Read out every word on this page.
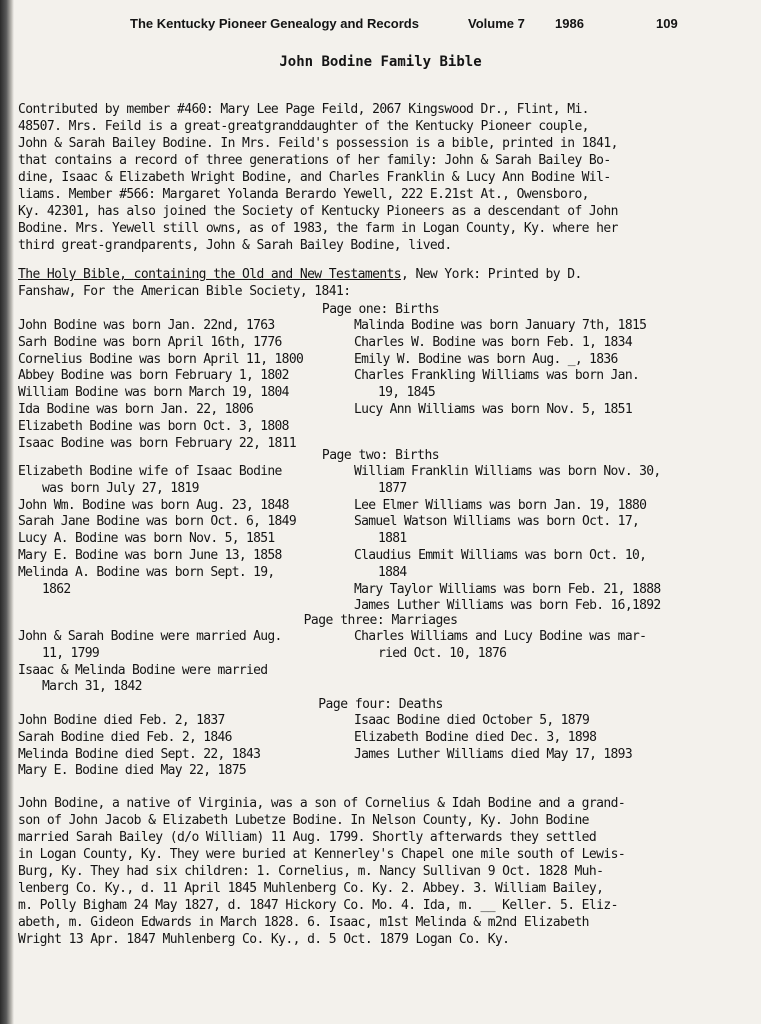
The Kentucky Pioneer Genealogy and Records	Volume 7 1986	109
John Bodine Family Bible

Contributed by member #460: Mary Lee Page Feild, 2067 Kingswood Dr., Flint, Mi.

48507. Mrs. Feild is a great-greatgranddaughter of the Kentucky Pioneer couple,

John & Sarah Bailey Bodine. In Mrs. Feild's possession is a bible, printed in 1841,

that contains a record of three generations of her family: John & Sarah Bailey Bo-

dine, Isaac & Elizabeth Wright Bodine, and Charles Franklin & Lucy Ann Bodine Wil-

liams. Member #566: Margaret Yolanda Berardo Yewell, 222 E.21st At., Owensboro,

Ky. 42301, has also joined the Society of Kentucky Pioneers as a descendant of John

Bodine. Mrs. Yewell still owns, as of 1983, the farm in Logan County, Ky. where her

third great-grandparents, John & Sarah Bailey Bodine, lived.

The Holy Bible, containing the Old and New Testaments, New York: Printed by D.

Fanshaw, For the American Bible Society, 1841:

Page one: Births
John Bodine was born Jan. 22nd, 1763
Sarh Bodine was born April 16th, 1776
Cornelius Bodine was born April 11, 1800
Abbey Bodine was born February 1, 1802
William Bodine was born March 19, 1804
Ida Bodine was born Jan. 22, 1806
Elizabeth Bodine was born Oct. 3, 1808
Isaac Bodine was born February 22, 1811
Malinda Bodine was born January 7th, 1815
Charles W. Bodine was born Feb. 1, 1834
Emily W. Bodine was born Aug. _, 1836
Charles Frankling Williams was born Jan.
19, 1845
Lucy Ann Williams was born Nov. 5, 1851
Page two: Births
Elizabeth Bodine wife of Isaac Bodine
was born July 27, 1819
John Wm. Bodine was born Aug. 23, 1848
Sarah Jane Bodine was born Oct. 6, 1849
Lucy A. Bodine was born Nov. 5, 1851
Mary E. Bodine was born June 13, 1858
Melinda A. Bodine was born Sept. 19,
1862
William Franklin Williams was born Nov. 30,
1877
Lee Elmer Williams was born Jan. 19, 1880
Samuel Watson Williams was born Oct. 17,
1881
Claudius Emmit Williams was born Oct. 10,
1884
Mary Taylor Williams was born Feb. 21, 1888
James Luther Williams was born Feb. 16,1892
Page three: Marriages
John & Sarah Bodine were married Aug.
11, 1799
Isaac & Melinda Bodine were married
March 31, 1842
Charles Williams and Lucy Bodine was mar-
ried Oct. 10, 1876
Page four: Deaths
John Bodine died Feb. 2, 1837
Sarah Bodine died Feb. 2, 1846
Melinda Bodine died Sept. 22, 1843
Mary E. Bodine died May 22, 1875
Isaac Bodine died October 5, 1879
Elizabeth Bodine died Dec. 3, 1898
James Luther Williams died May 17, 1893

John Bodine, a native of Virginia, was a son of Cornelius & Idah Bodine and a grand-

son of John Jacob & Elizabeth Lubetze Bodine. In Nelson County, Ky. John Bodine

married Sarah Bailey (d/o William) 11 Aug. 1799. Shortly afterwards they settled

in Logan County, Ky. They were buried at Kennerley's Chapel one mile south of Lewis-

Burg, Ky. They had six children: 1. Cornelius, m. Nancy Sullivan 9 Oct. 1828 Muh-

lenberg Co. Ky., d. 11 April 1845 Muhlenberg Co. Ky. 2. Abbey. 3. William Bailey,

m. Polly Bigham 24 May 1827, d. 1847 Hickory Co. Mo. 4. Ida, m. __ Keller. 5. Eliz-

abeth, m. Gideon Edwards in March 1828. 6. Isaac, m1st Melinda & m2nd Elizabeth

Wright 13 Apr. 1847 Muhlenberg Co. Ky., d. 5 Oct. 1879 Logan Co. Ky.
